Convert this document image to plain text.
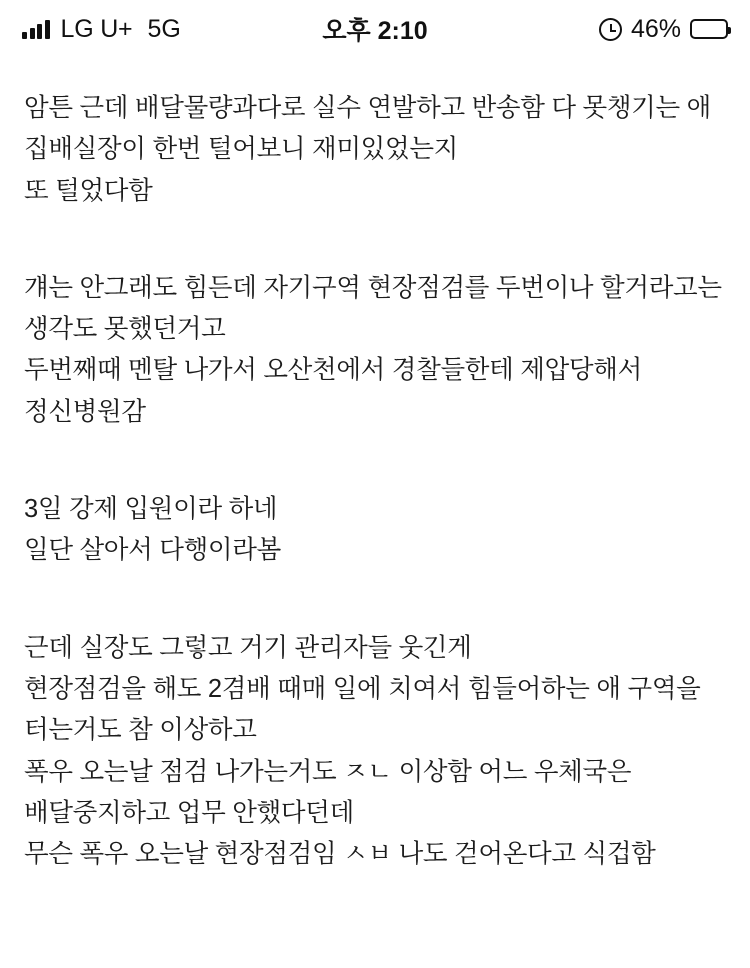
LG U+ 5G	오후 2:10	46%
암튼 근데 배달물량과다로 실수 연발하고 반송함 다 못챙기는 애 집배실장이 한번 털어보니 재미있었는지
또 털었다함
걔는 안그래도 힘든데 자기구역 현장점검를 두번이나 할거라고는 생각도 못했던거고
두번째때 멘탈 나가서 오산천에서 경찰들한테 제압당해서 정신병원감
3일 강제 입원이라 하네
일단 살아서 다행이라봄
근데 실장도 그렇고 거기 관리자들 웃긴게
현장점검을 해도 2겸배 때매 일에 치여서 힘들어하는 애 구역을 터는거도 참 이상하고
폭우 오는날 점검 나가는거도 ㅈㄴ 이상함 어느 우체국은 배달중지하고 업무 안했다던데
무슨 폭우 오는날 현장점검임 ㅅㅂ 나도 걷어온다고 식겁함
